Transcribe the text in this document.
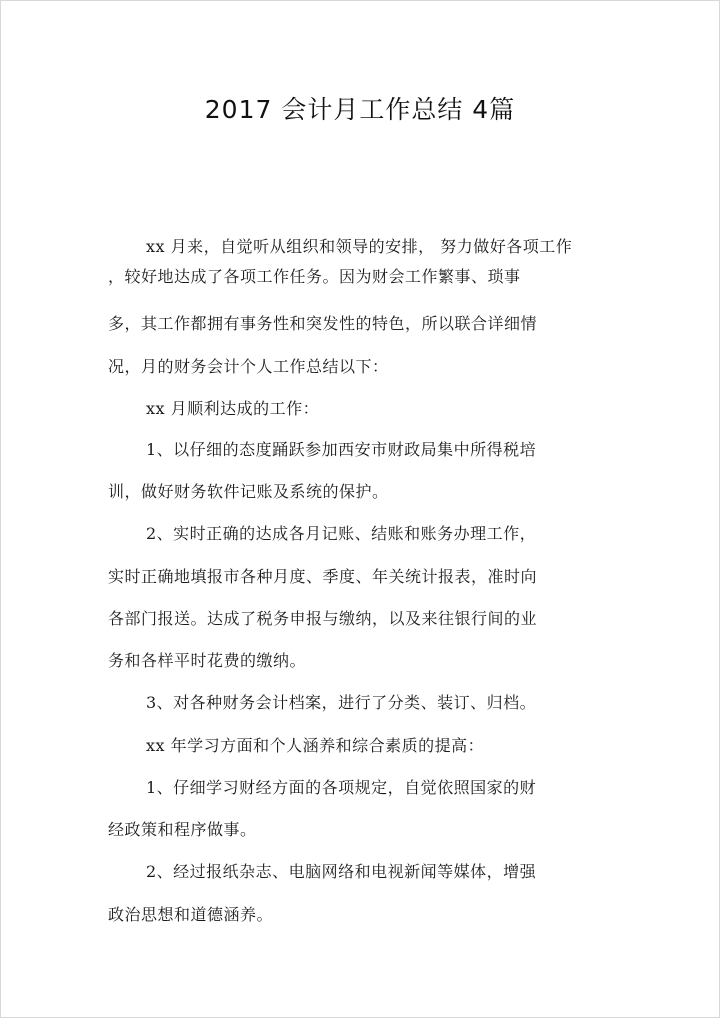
2017 会计月工作总结 4篇
xx 月来，自觉听从组织和领导的安排， 努力做好各项工作
，较好地达成了各项工作任务。因为财会工作繁事、琐事
多，其工作都拥有事务性和突发性的特色，所以联合详细情
况，月的财务会计个人工作总结以下：
xx 月顺利达成的工作：
1、以仔细的态度踊跃参加西安市财政局集中所得税培
训，做好财务软件记账及系统的保护。
2、实时正确的达成各月记账、结账和账务办理工作，
实时正确地填报市各种月度、季度、年关统计报表，准时向
各部门报送。达成了税务申报与缴纳，以及来往银行间的业
务和各样平时花费的缴纳。
3、对各种财务会计档案，进行了分类、装订、归档。
xx 年学习方面和个人涵养和综合素质的提高：
1、仔细学习财经方面的各项规定，自觉依照国家的财
经政策和程序做事。
2、经过报纸杂志、电脑网络和电视新闻等媒体，增强
政治思想和道德涵养。
